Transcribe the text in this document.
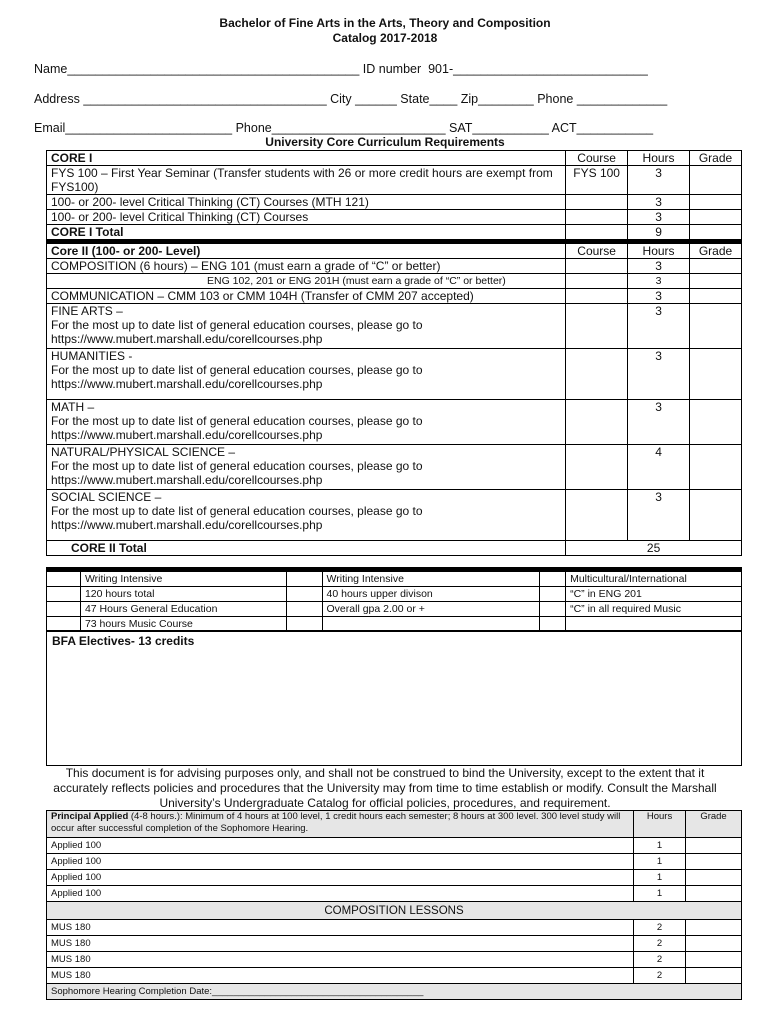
Bachelor of Fine Arts in the Arts, Theory and Composition
Catalog 2017-2018
Name__________________________________________ ID number  901-____________________________
Address ___________________________________ City ______ State____ Zip________ Phone _____________
Email________________________ Phone_________________________ SAT___________ ACT___________
University Core Curriculum Requirements
CORE I	Course	Hours	Grade
FYS 100 – First Year Seminar (Transfer students with 26 or more credit hours are exempt from FYS100)	FYS 100	3	
100- or 200- level Critical Thinking (CT) Courses (MTH 121)		3	
100- or 200- level Critical Thinking (CT) Courses		3	
CORE I Total		9	
Core II (100- or 200- Level)	Course	Hours	Grade
COMPOSITION (6 hours) – ENG 101 (must earn a grade of “C” or better)		3	
ENG 102, 201 or ENG 201H (must earn a grade of “C” or better)		3	
COMMUNICATION – CMM 103 or CMM 104H (Transfer of CMM 207 accepted)		3	

FINE ARTS –
For the most up to date list of general education courses, please go to
https://www.mubert.marshall.edu/corellcourses.php		3	

HUMANITIES -
For the most up to date list of general education courses, please go to
https://www.mubert.marshall.edu/corellcourses.php		3	

MATH –
For the most up to date list of general education courses, please go to
https://www.mubert.marshall.edu/corellcourses.php		3	

NATURAL/PHYSICAL SCIENCE –
For the most up to date list of general education courses, please go to
https://www.mubert.marshall.edu/corellcourses.php		4	

SOCIAL SCIENCE –
For the most up to date list of general education courses, please go to
https://www.mubert.marshall.edu/corellcourses.php		3	
CORE II Total	25		
	Writing Intensive		Writing Intensive		Multicultural/International
	120 hours total		40 hours upper divison		“C” in ENG 201
	47 Hours General Education		Overall gpa 2.00 or +		“C” in all required Music
	73 hours Music Course				
BFA Electives- 13 credits
This document is for advising purposes only, and shall not be construed to bind the University, except to the extent that it accurately reflects policies and procedures that the University may from time to time establish or modify. Consult the Marshall University’s Undergraduate Catalog for official policies, procedures, and requirement.
Principal Applied (4-8 hours.): Minimum of 4 hours at 100 level, 1 credit hours each semester; 8 hours at 300 level. 300 level study will occur after successful completion of the Sophomore Hearing.	Hours	Grade
Applied 100	1	
Applied 100	1	
Applied 100	1	
Applied 100	1	
COMPOSITION LESSONS		
MUS 180	2	
MUS 180	2	
MUS 180	2	
MUS 180	2	
Sophomore Hearing Completion Date:________________________________________		
